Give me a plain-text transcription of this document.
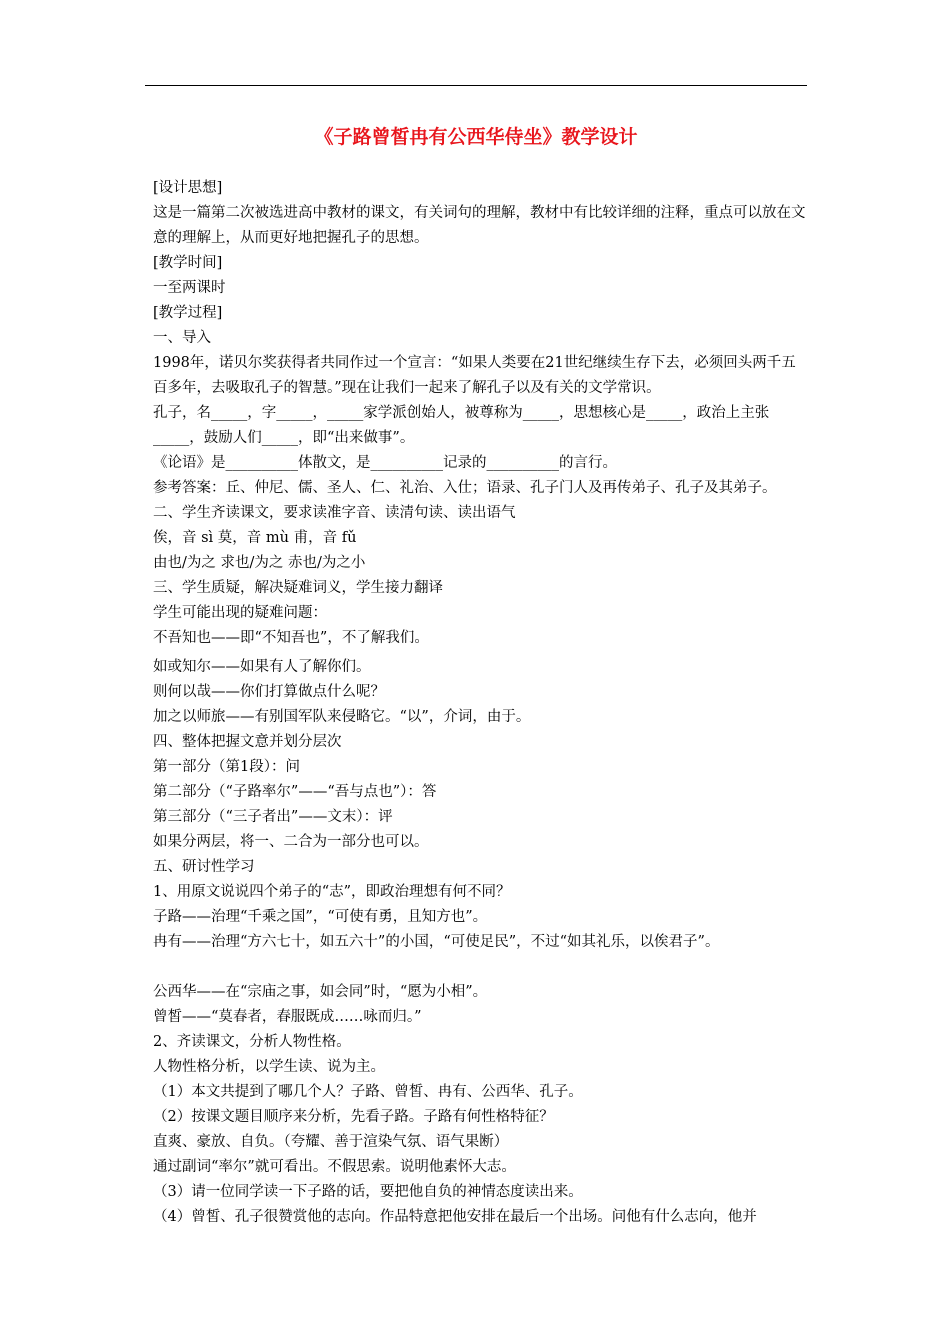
《子路曾皙冉有公西华侍坐》教学设计
[设计思想]
这是一篇第二次被选进高中教材的课文，有关词句的理解，教材中有比较详细的注释，重点可以放在文意的理解上，从而更好地把握孔子的思想。
[教学时间]
一至两课时
[教学过程]
一、导入
1998年，诺贝尔奖获得者共同作过一个宣言：“如果人类要在21世纪继续生存下去，必须回头两千五百多年，去吸取孔子的智慧。”现在让我们一起来了解孔子以及有关的文学常识。
孔子，名_____，字_____，_____家学派创始人，被尊称为_____，思想核心是_____，政治上主张_____，鼓励人们_____，即“出来做事”。
《论语》是__________体散文，是__________记录的__________的言行。
参考答案：丘、仲尼、儒、圣人、仁、礼治、入仕；语录、孔子门人及再传弟子、孔子及其弟子。
二、学生齐读课文，要求读准字音、读清句读、读出语气
俟，音 sì 莫，音 mù 甫，音 fǔ
由也/为之 求也/为之 赤也/为之小
三、学生质疑，解决疑难词义，学生接力翻译
学生可能出现的疑难问题：
不吾知也——即“不知吾也”，不了解我们。
如或知尔——如果有人了解你们。
则何以哉——你们打算做点什么呢？
加之以师旅——有别国军队来侵略它。“以”，介词，由于。
四、整体把握文意并划分层次
第一部分（第1段）：问
第二部分（“子路率尔”——“吾与点也”）：答
第三部分（“三子者出”——文末）：评
如果分两层，将一、二合为一部分也可以。
五、研讨性学习
1、用原文说说四个弟子的“志”，即政治理想有何不同？
子路——治理“千乘之国”，“可使有勇，且知方也”。
冉有——治理“方六七十，如五六十”的小国，“可使足民”，不过“如其礼乐，以俟君子”。
公西华——在“宗庙之事，如会同”时，“愿为小相”。
曾皙——“莫春者，春服既成……咏而归。”
2、齐读课文，分析人物性格。
人物性格分析，以学生读、说为主。
（1）本文共提到了哪几个人？子路、曾皙、冉有、公西华、孔子。
（2）按课文题目顺序来分析，先看子路。子路有何性格特征？
直爽、豪放、自负。（夸耀、善于渲染气氛、语气果断）
通过副词“率尔”就可看出。不假思索。说明他素怀大志。
（3）请一位同学读一下子路的话，要把他自负的神情态度读出来。
（4）曾皙、孔子很赞赏他的志向。作品特意把他安排在最后一个出场。问他有什么志向，他并
